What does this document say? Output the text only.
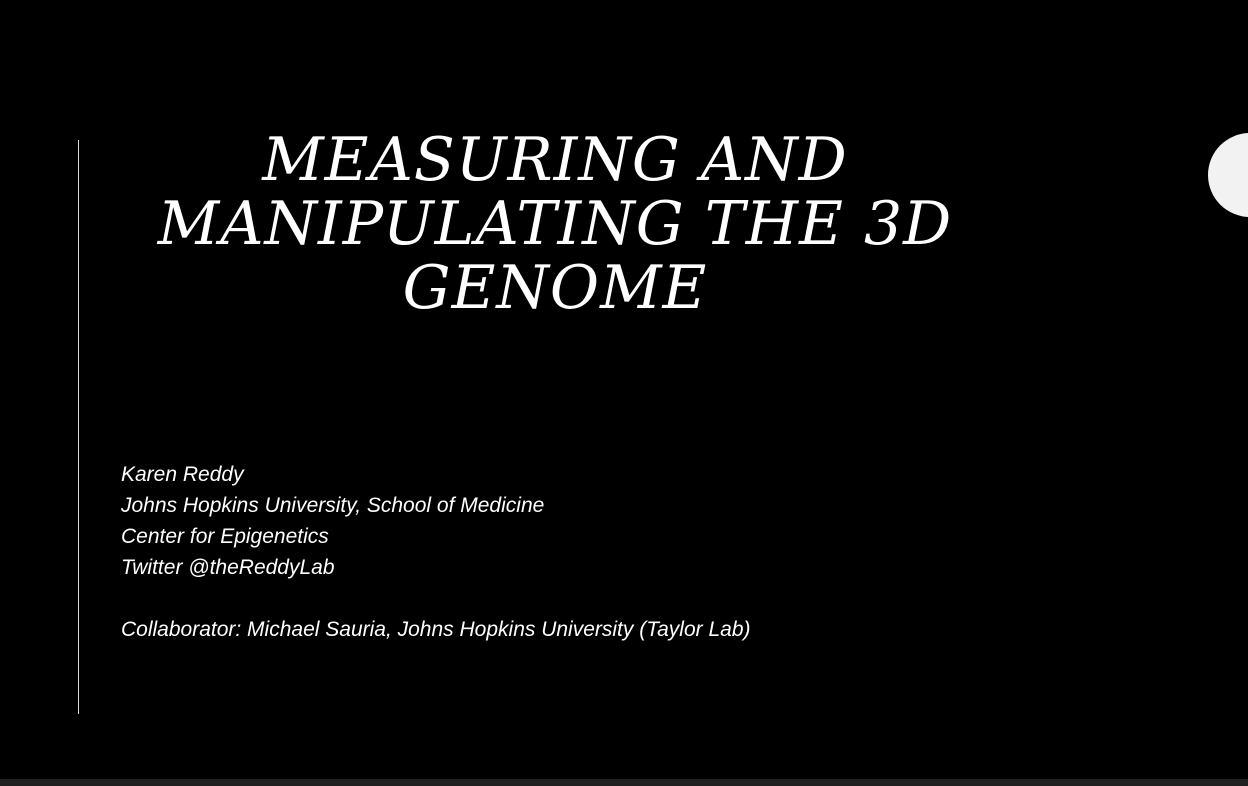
MEASURING AND
MANIPULATING THE 3D
GENOME
Karen Reddy
Johns Hopkins University, School of Medicine
Center for Epigenetics
Twitter @theReddyLab
Collaborator: Michael Sauria, Johns Hopkins University (Taylor Lab)
